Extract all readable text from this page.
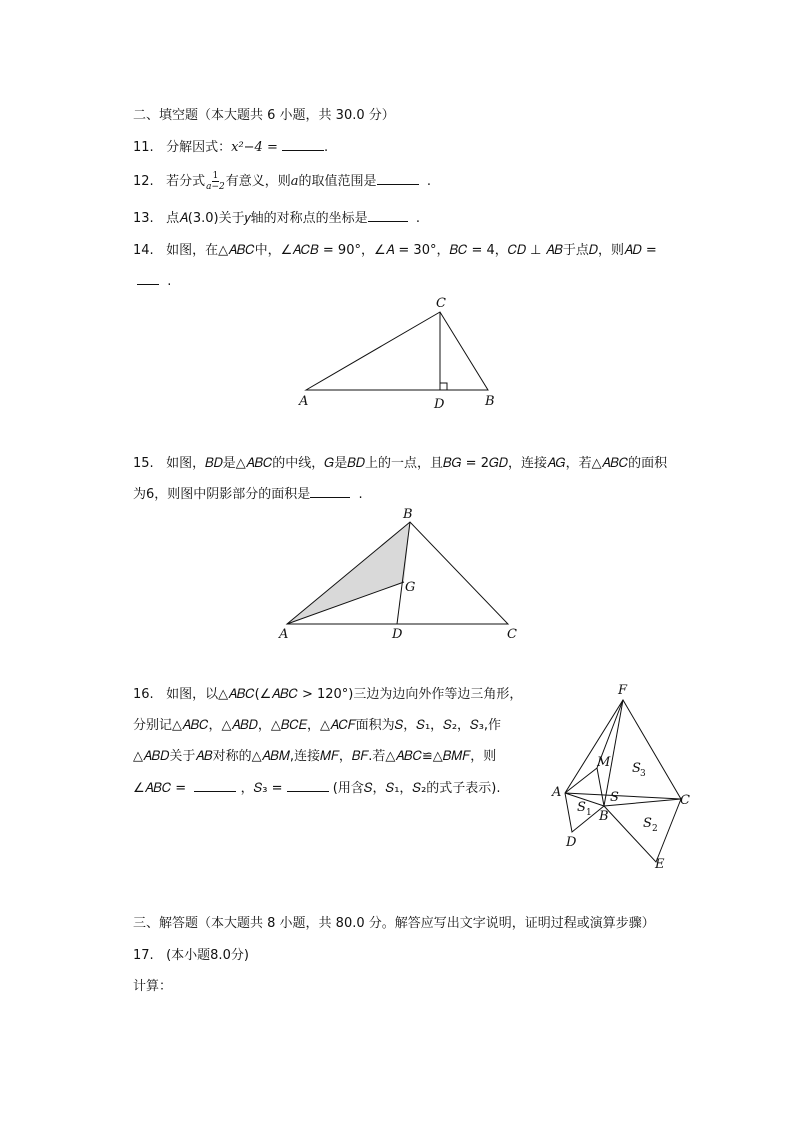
二、填空题（本大题共 6 小题，共 30.0 分）
11. 分解因式：x²−4 =	.
12. 若分式 $\frac{1}{a-2}$ 有意义，则a的取值范围是	.
13. 点𝐴(3.0)关于𝑦轴的对称点的坐标是	.
14. 如图，在△𝐴𝐵𝐶中，∠𝐴𝐶𝐵 = 90°，∠𝐴 = 30°，𝐵𝐶 = 4，𝐶𝐷 ⊥ 𝐴𝐵于点𝐷，则𝐴𝐷 =
.
C
A	D	B
15. 如图，𝐵𝐷是△𝐴𝐵𝐶的中线，𝐺是𝐵𝐷上的一点，且𝐵𝐺 = 2𝐺𝐷，连接𝐴𝐺，若△𝐴𝐵𝐶的面积
为6，则图中阴影部分的面积是	.
B
G
A	D	C
16. 如图，以△𝐴𝐵𝐶(∠𝐴𝐵𝐶 > 120°)三边为边向外作等边三角形，
分别记△𝐴𝐵𝐶，△𝐴𝐵𝐷，△𝐵𝐶𝐸，△𝐴𝐶𝐹面积为𝑆，𝑆₁，𝑆₂，𝑆₃,作
△𝐴𝐵𝐷关于𝐴𝐵对称的△𝐴𝐵𝑀,连接𝑀𝐹，𝐵𝐹.若△𝐴𝐵𝐶≌△𝐵𝑀𝐹，则
∠𝐴𝐵𝐶 =	，𝑆₃ =	(用含𝑆，𝑆₁，𝑆₂的式子表示).
F
M S 3
A	S	C
S 1 B	S 2
D
E
三、解答题（本大题共 8 小题，共 80.0 分。解答应写出文字说明，证明过程或演算步骤）
17. (本小题8.0分)
计算：
